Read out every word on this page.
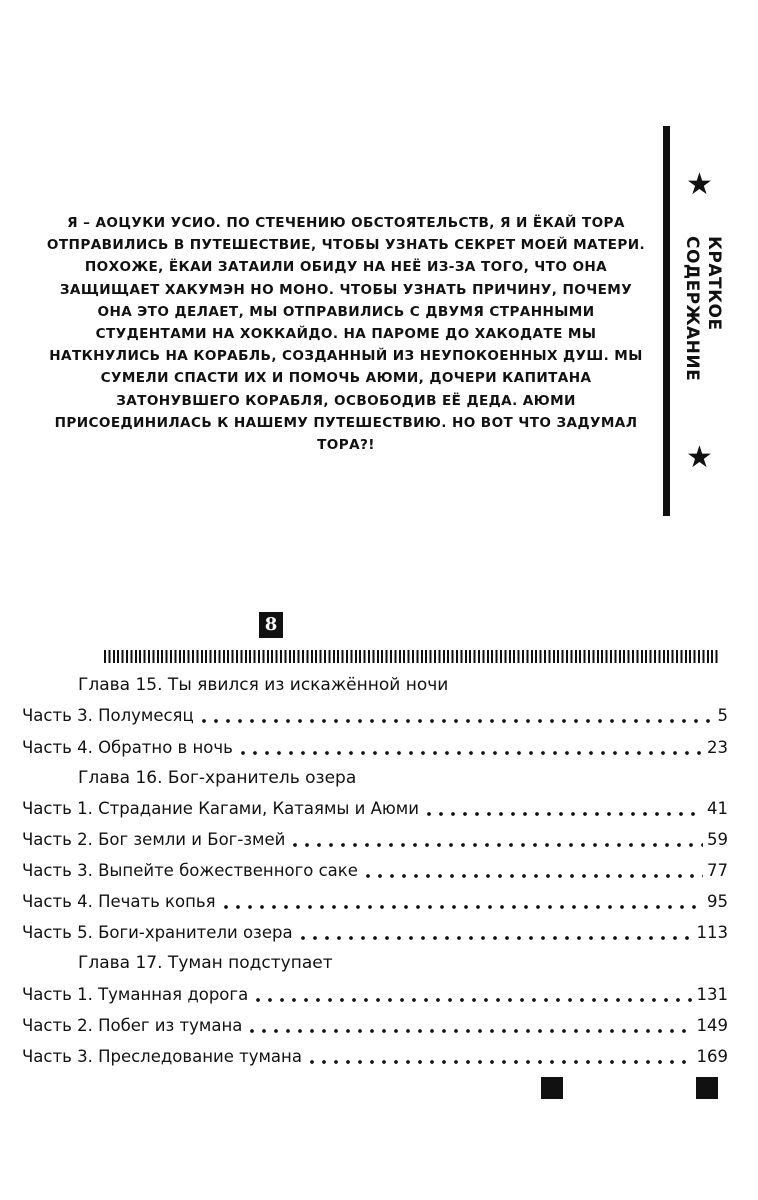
Я – АОЦУКИ УСИО. ПО СТЕЧЕНИЮ ОБСТОЯТЕЛЬСТВ, Я И ЁКАЙ ТОРА ОТПРАВИЛИСЬ В ПУТЕШЕСТВИЕ, ЧТОБЫ УЗНАТЬ СЕКРЕТ МОЕЙ МАТЕРИ. ПОХОЖЕ, ЁКАИ ЗАТАИЛИ ОБИДУ НА НЕЁ ИЗ-ЗА ТОГО, ЧТО ОНА ЗАЩИЩАЕТ ХАКУМЭН НО МОНО. ЧТОБЫ УЗНАТЬ ПРИЧИНУ, ПОЧЕМУ ОНА ЭТО ДЕЛАЕТ, МЫ ОТПРАВИЛИСЬ С ДВУМЯ СТРАННЫМИ СТУДЕНТАМИ НА ХОККАЙДО. НА ПАРОМЕ ДО ХАКОДАТЕ МЫ НАТКНУЛИСЬ НА КОРАБЛЬ, СОЗДАННЫЙ ИЗ НЕУПОКОЕННЫХ ДУШ. МЫ СУМЕЛИ СПАСТИ ИХ И ПОМОЧЬ АЮМИ, ДОЧЕРИ КАПИТАНА ЗАТОНУВШЕГО КОРАБЛЯ, ОСВОБОДИВ ЕЁ ДЕДА. АЮМИ ПРИСОЕДИНИЛАСЬ К НАШЕМУ ПУТЕШЕСТВИЮ. НО ВОТ ЧТО ЗАДУМАЛ ТОРА?!
★
КРАТКОЕ СОДЕРЖАНИЕ
★
8
Глава 15. Ты явился из искажённой ночи
Часть 3. Полумесяц	5
Часть 4. Обратно в ночь	23
Глава 16. Бог-хранитель озера
Часть 1. Страдание Кагами, Катаямы и Аюми	41
Часть 2. Бог земли и Бог-змей	59
Часть 3. Выпейте божественного саке	77
Часть 4. Печать копья	95
Часть 5. Боги-хранители озера	113
Глава 17. Туман подступает
Часть 1. Туманная дорога	131
Часть 2. Побег из тумана	149
Часть 3. Преследование тумана	169
